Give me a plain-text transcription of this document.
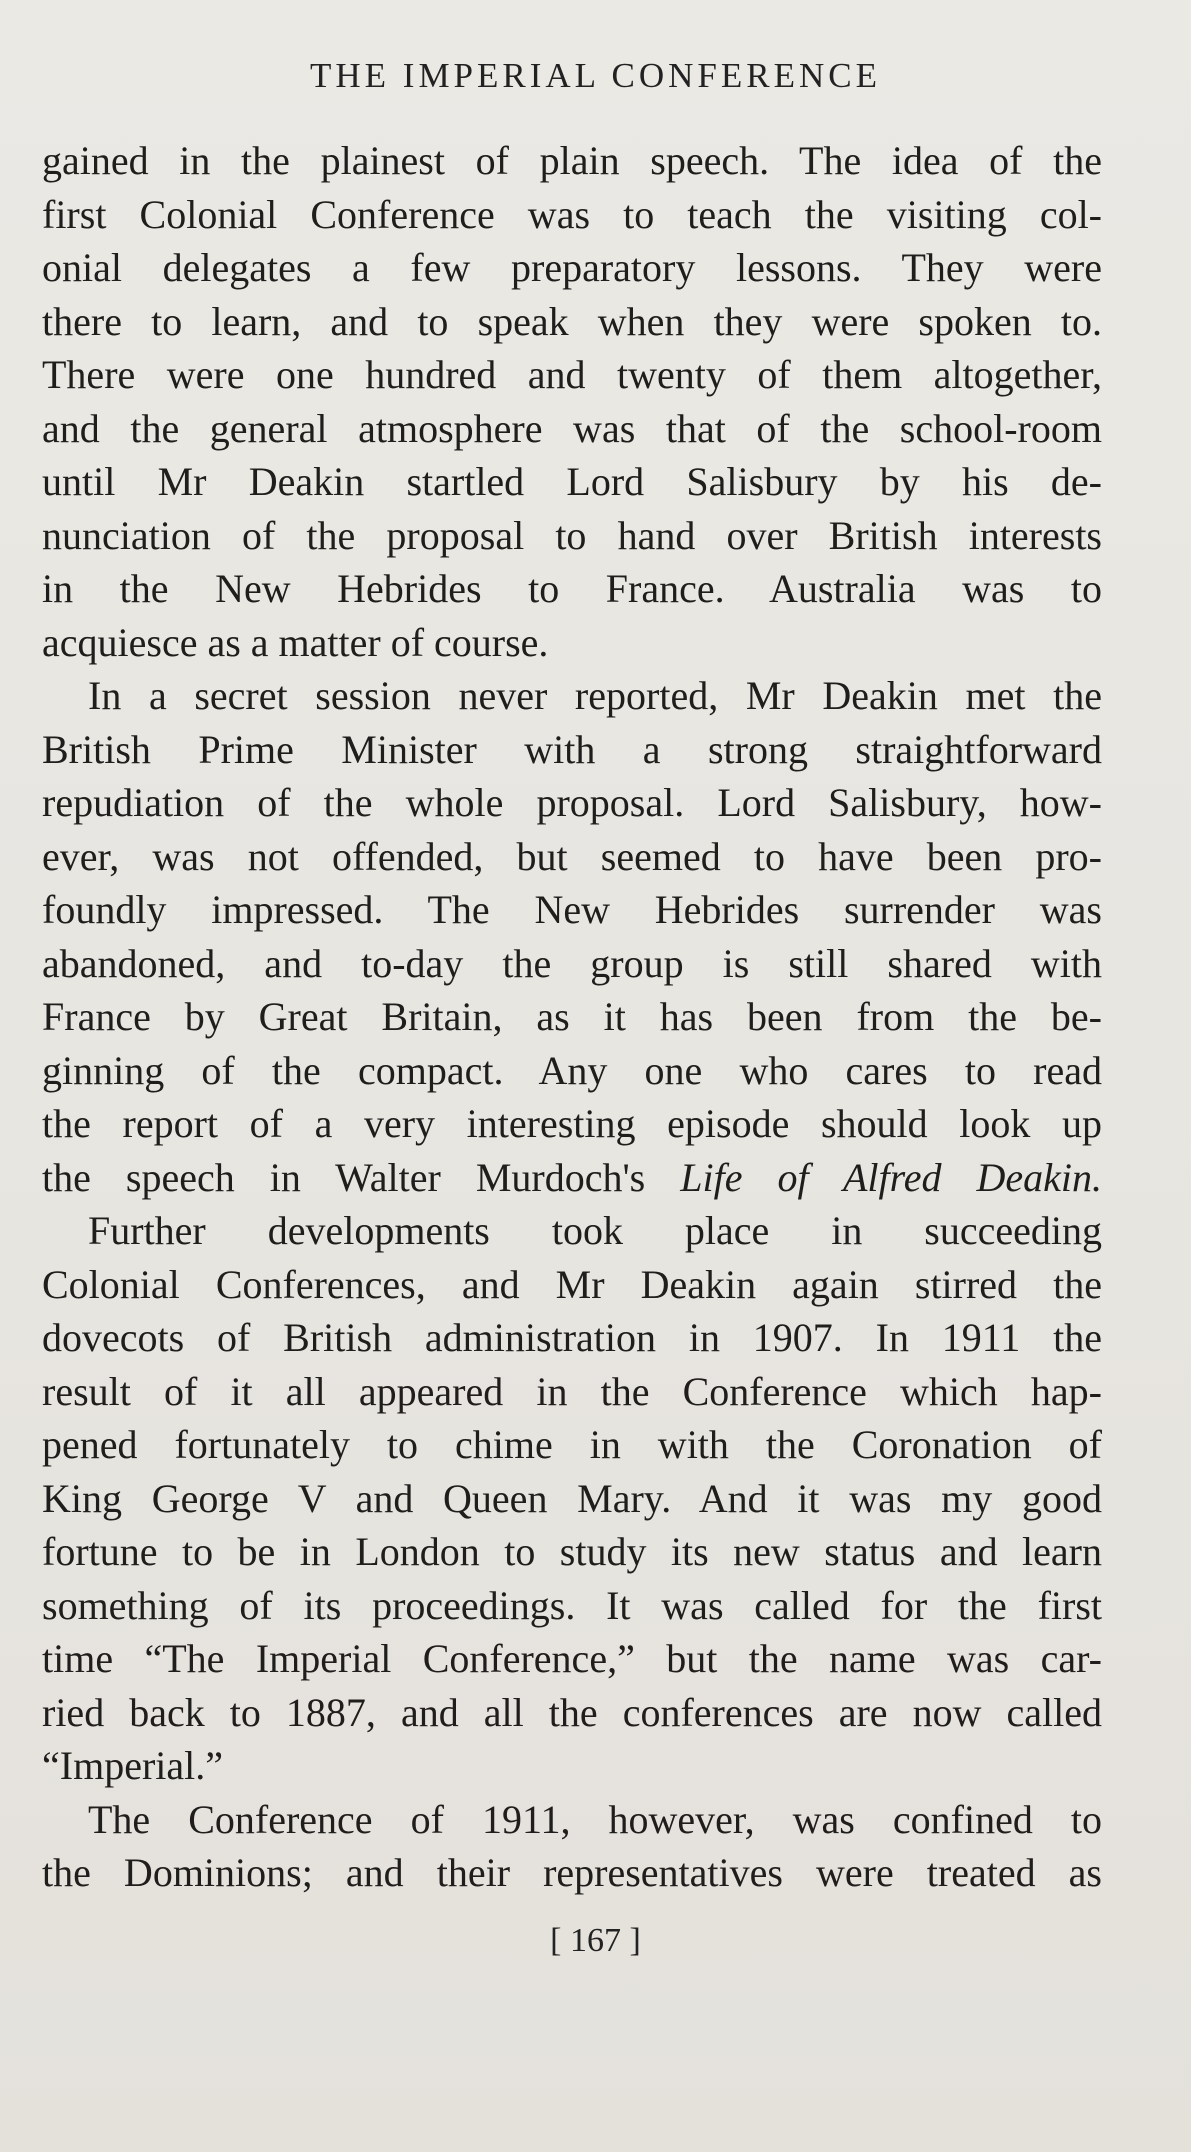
THE IMPERIAL CONFERENCE
gained in the plainest of plain speech. The idea of the
first Colonial Conference was to teach the visiting col-
onial delegates a few preparatory lessons. They were
there to learn, and to speak when they were spoken to.
There were one hundred and twenty of them altogether,
and the general atmosphere was that of the school-room
until Mr Deakin startled Lord Salisbury by his de-
nunciation of the proposal to hand over British interests
in the New Hebrides to France. Australia was to
acquiesce as a matter of course.
In a secret session never reported, Mr Deakin met the
British Prime Minister with a strong straightforward
repudiation of the whole proposal. Lord Salisbury, how-
ever, was not offended, but seemed to have been pro-
foundly impressed. The New Hebrides surrender was
abandoned, and to-day the group is still shared with
France by Great Britain, as it has been from the be-
ginning of the compact. Any one who cares to read
the report of a very interesting episode should look up
the speech in Walter Murdoch's Life of Alfred Deakin.
Further developments took place in succeeding
Colonial Conferences, and Mr Deakin again stirred the
dovecots of British administration in 1907. In 1911 the
result of it all appeared in the Conference which hap-
pened fortunately to chime in with the Coronation of
King George V and Queen Mary. And it was my good
fortune to be in London to study its new status and learn
something of its proceedings. It was called for the first
time “The Imperial Conference,” but the name was car-
ried back to 1887, and all the conferences are now called
“Imperial.”
The Conference of 1911, however, was confined to
the Dominions; and their representatives were treated as
[ 167 ]
